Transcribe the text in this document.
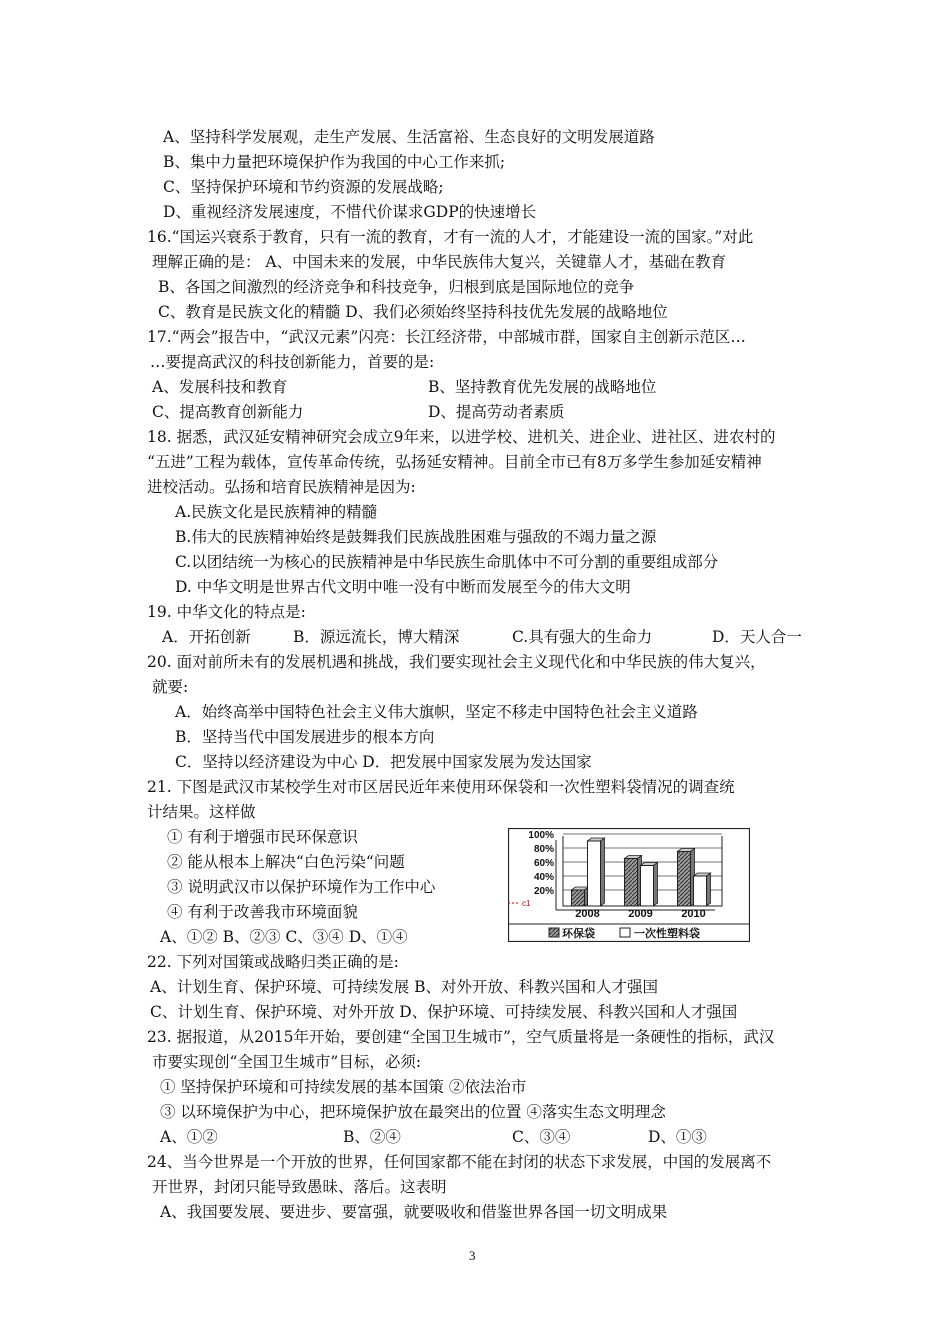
A、坚持科学发展观，走生产发展、生活富裕、生态良好的文明发展道路
B、集中力量把环境保护作为我国的中心工作来抓;
C、坚持保护环境和节约资源的发展战略;
D、重视经济发展速度，不惜代价谋求GDP的快速增长
16.“国运兴衰系于教育，只有一流的教育，才有一流的人才，才能建设一流的国家。”对此
理解正确的是： A、中国未来的发展，中华民族伟大复兴，关键靠人才，基础在教育
B、各国之间激烈的经济竞争和科技竞争，归根到底是国际地位的竞争
C、教育是民族文化的精髓 D、我们必须始终坚持科技优先发展的战略地位
17.“两会”报告中，“武汉元素”闪亮：长江经济带，中部城市群，国家自主创新示范区…
…要提高武汉的科技创新能力，首要的是:
A、发展科技和教育	B、坚持教育优先发展的战略地位
C、提高教育创新能力	D、提高劳动者素质
18. 据悉，武汉延安精神研究会成立9年来，以进学校、进机关、进企业、进社区、进农村的
“五进”工程为载体，宣传革命传统，弘扬延安精神。目前全市已有8万多学生参加延安精神
进校活动。弘扬和培育民族精神是因为:
A.民族文化是民族精神的精髓
B.伟大的民族精神始终是鼓舞我们民族战胜困难与强敌的不竭力量之源
C.以团结统一为核心的民族精神是中华民族生命肌体中不可分割的重要组成部分
D. 中华文明是世界古代文明中唯一没有中断而发展至今的伟大文明
19. 中华文化的特点是:
A．开拓创新	B．源远流长，博大精深	C.具有强大的生命力	D．天人合一
20. 面对前所未有的发展机遇和挑战，我们要实现社会主义现代化和中华民族的伟大复兴，
就要:
A．始终高举中国特色社会主义伟大旗帜，坚定不移走中国特色社会主义道路
B．坚持当代中国发展进步的根本方向
C．坚持以经济建设为中心 D．把发展中国家发展为发达国家
21. 下图是武汉市某校学生对市区居民近年来使用环保袋和一次性塑料袋情况的调查统
计结果。这样做
① 有利于增强市民环保意识
② 能从根本上解决“白色污染“问题
③ 说明武汉市以保护环境作为工作中心
④ 有利于改善我市环境面貌
A、①② B、②③ C、③④ D、①④
100%
80%
60%
40%
20%
2008	2009	2010
环保袋	一次性塑料袋
c1
22. 下列对国策或战略归类正确的是:
A、计划生育、保护环境、可持续发展 B、对外开放、科教兴国和人才强国
C、计划生育、保护环境、对外开放 D、保护环境、可持续发展、科教兴国和人才强国
23. 据报道，从2015年开始，要创建“全国卫生城市”，空气质量将是一条硬性的指标，武汉
市要实现创“全国卫生城市”目标，必须:
① 坚持保护环境和可持续发展的基本国策 ②依法治市
③ 以环境保护为中心，把环境保护放在最突出的位置 ④落实生态文明理念
A、①②	B、②④	C、③④	D、①③
24、当今世界是一个开放的世界，任何国家都不能在封闭的状态下求发展，中国的发展离不
开世界，封闭只能导致愚昧、落后。这表明
A、我国要发展、要进步、要富强，就要吸收和借鉴世界各国一切文明成果
3
